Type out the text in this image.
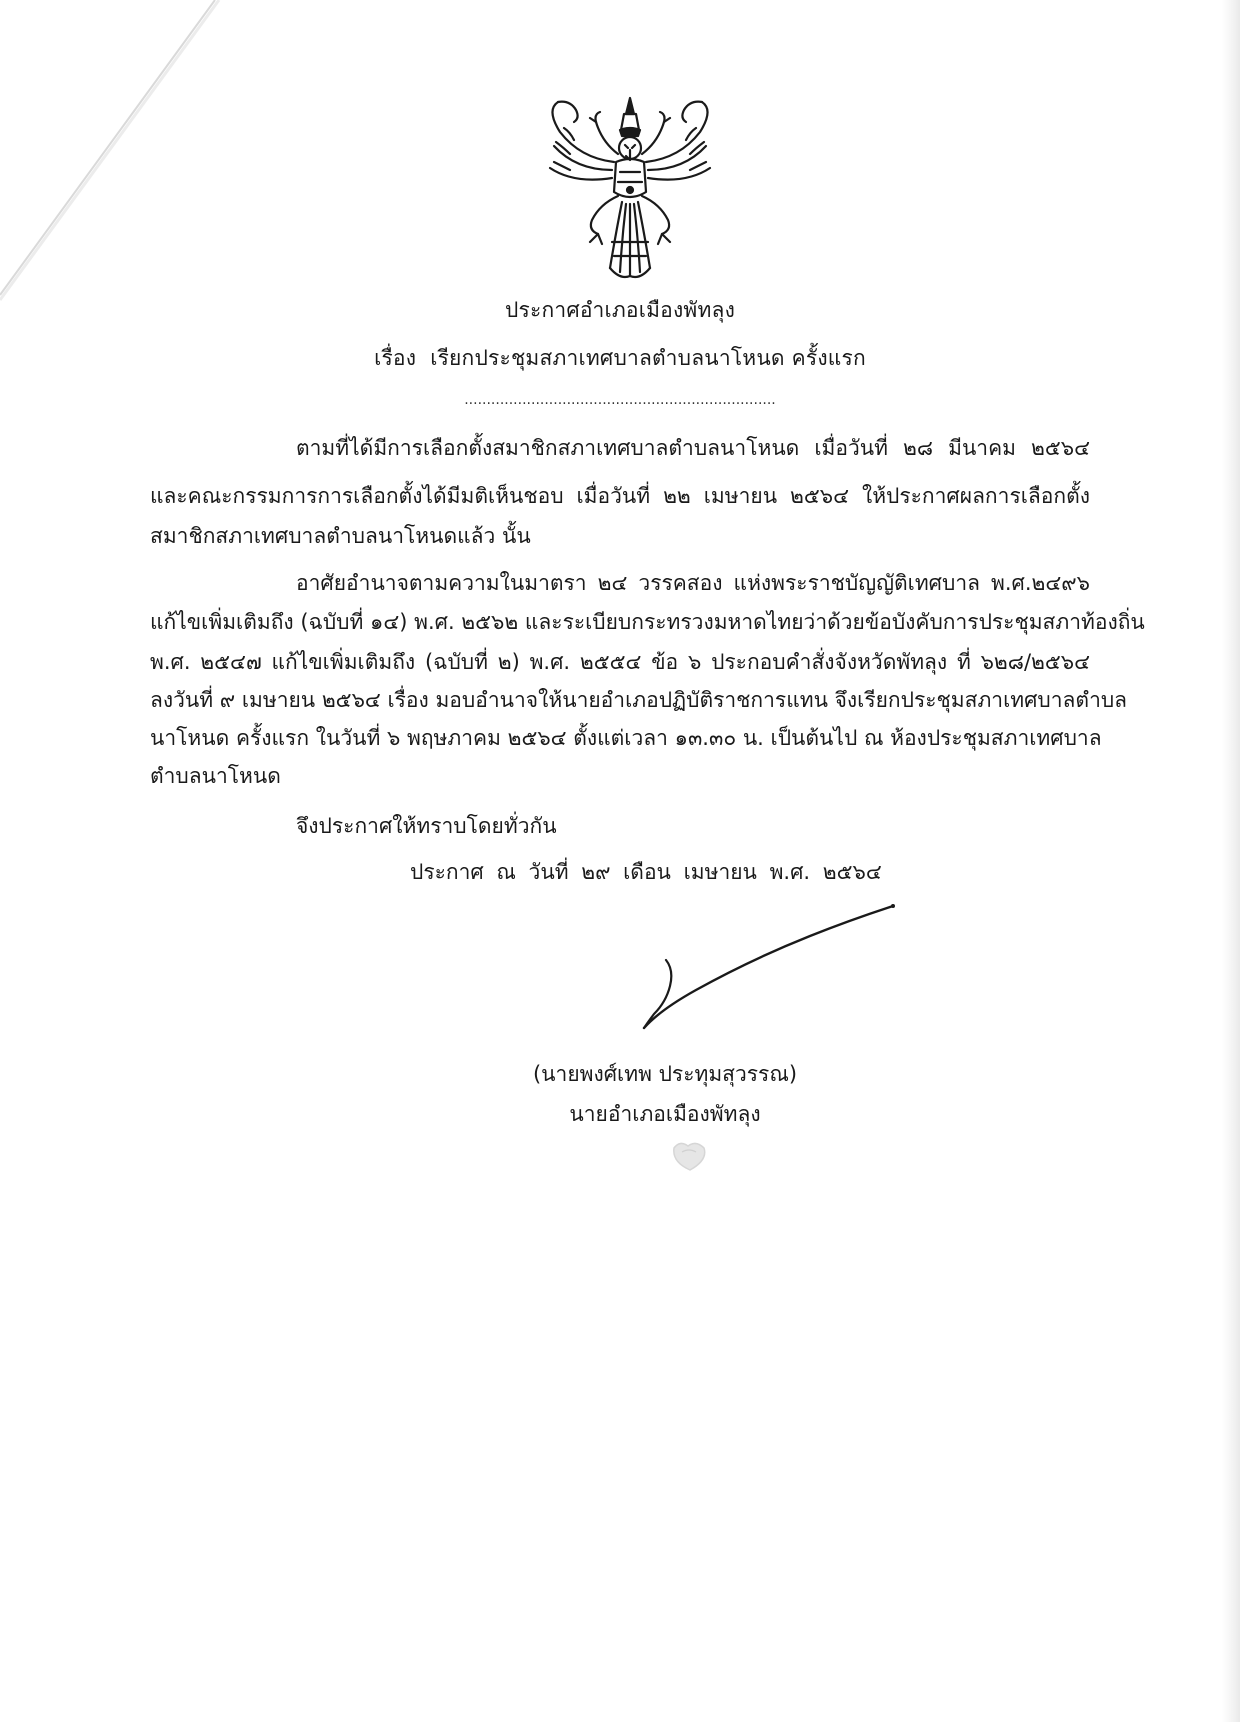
ประกาศอำเภอเมืองพัทลุง
เรื่อง เรียกประชุมสภาเทศบาลตำบลนาโหนด ครั้งแรก
......................................................................
ตามที่ได้มีการเลือกตั้งสมาชิกสภาเทศบาลตำบลนาโหนด เมื่อวันที่ ๒๘ มีนาคม ๒๕๖๔
และคณะกรรมการการเลือกตั้งได้มีมติเห็นชอบ เมื่อวันที่ ๒๒ เมษายน ๒๕๖๔ ให้ประกาศผลการเลือกตั้ง
สมาชิกสภาเทศบาลตำบลนาโหนดแล้ว นั้น
อาศัยอำนาจตามความในมาตรา ๒๔ วรรคสอง แห่งพระราชบัญญัติเทศบาล พ.ศ.๒๔๙๖
แก้ไขเพิ่มเติมถึง (ฉบับที่ ๑๔) พ.ศ. ๒๕๖๒ และระเบียบกระทรวงมหาดไทยว่าด้วยข้อบังคับการประชุมสภาท้องถิ่น
พ.ศ. ๒๕๔๗ แก้ไขเพิ่มเติมถึง (ฉบับที่ ๒) พ.ศ. ๒๕๕๔ ข้อ ๖ ประกอบคำสั่งจังหวัดพัทลุง ที่ ๖๒๘/๒๕๖๔
ลงวันที่ ๙ เมษายน ๒๕๖๔ เรื่อง มอบอำนาจให้นายอำเภอปฏิบัติราชการแทน จึงเรียกประชุมสภาเทศบาลตำบล
นาโหนด ครั้งแรก ในวันที่ ๖ พฤษภาคม ๒๕๖๔ ตั้งแต่เวลา ๑๓.๓๐ น. เป็นต้นไป ณ ห้องประชุมสภาเทศบาล
ตำบลนาโหนด
จึงประกาศให้ทราบโดยทั่วกัน
ประกาศ ณ วันที่ ๒๙ เดือน เมษายน พ.ศ. ๒๕๖๔
(นายพงศ์เทพ ประทุมสุวรรณ)
นายอำเภอเมืองพัทลุง
